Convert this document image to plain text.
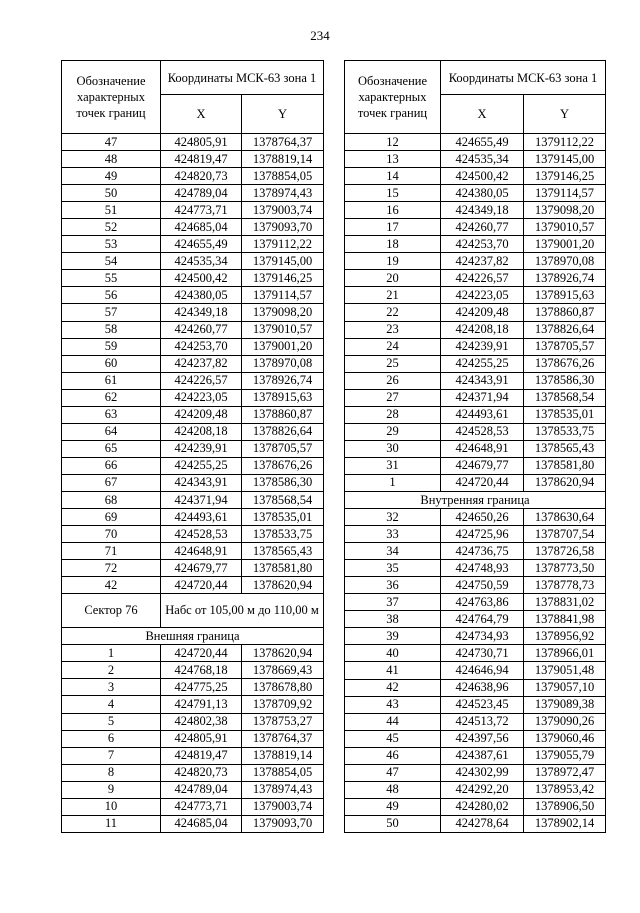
234
Обозначение характерных точек границ	Координаты МСК-63 зона 1	
	X	Y
47	424805,91	1378764,37
48	424819,47	1378819,14
49	424820,73	1378854,05
50	424789,04	1378974,43
51	424773,71	1379003,74
52	424685,04	1379093,70
53	424655,49	1379112,22
54	424535,34	1379145,00
55	424500,42	1379146,25
56	424380,05	1379114,57
57	424349,18	1379098,20
58	424260,77	1379010,57
59	424253,70	1379001,20
60	424237,82	1378970,08
61	424226,57	1378926,74
62	424223,05	1378915,63
63	424209,48	1378860,87
64	424208,18	1378826,64
65	424239,91	1378705,57
66	424255,25	1378676,26
67	424343,91	1378586,30
68	424371,94	1378568,54
69	424493,61	1378535,01
70	424528,53	1378533,75
71	424648,91	1378565,43
72	424679,77	1378581,80
42	424720,44	1378620,94
Сектор 76	Набс от 105,00 м до 110,00 м	
Внешняя граница		
1	424720,44	1378620,94
2	424768,18	1378669,43
3	424775,25	1378678,80
4	424791,13	1378709,92
5	424802,38	1378753,27
6	424805,91	1378764,37
7	424819,47	1378819,14
8	424820,73	1378854,05
9	424789,04	1378974,43
10	424773,71	1379003,74
11	424685,04	1379093,70
Обозначение характерных точек границ	Координаты МСК-63 зона 1	
	X	Y
12	424655,49	1379112,22
13	424535,34	1379145,00
14	424500,42	1379146,25
15	424380,05	1379114,57
16	424349,18	1379098,20
17	424260,77	1379010,57
18	424253,70	1379001,20
19	424237,82	1378970,08
20	424226,57	1378926,74
21	424223,05	1378915,63
22	424209,48	1378860,87
23	424208,18	1378826,64
24	424239,91	1378705,57
25	424255,25	1378676,26
26	424343,91	1378586,30
27	424371,94	1378568,54
28	424493,61	1378535,01
29	424528,53	1378533,75
30	424648,91	1378565,43
31	424679,77	1378581,80
1	424720,44	1378620,94
Внутренняя граница		
32	424650,26	1378630,64
33	424725,96	1378707,54
34	424736,75	1378726,58
35	424748,93	1378773,50
36	424750,59	1378778,73
37	424763,86	1378831,02
38	424764,79	1378841,98
39	424734,93	1378956,92
40	424730,71	1378966,01
41	424646,94	1379051,48
42	424638,96	1379057,10
43	424523,45	1379089,38
44	424513,72	1379090,26
45	424397,56	1379060,46
46	424387,61	1379055,79
47	424302,99	1378972,47
48	424292,20	1378953,42
49	424280,02	1378906,50
50	424278,64	1378902,14
